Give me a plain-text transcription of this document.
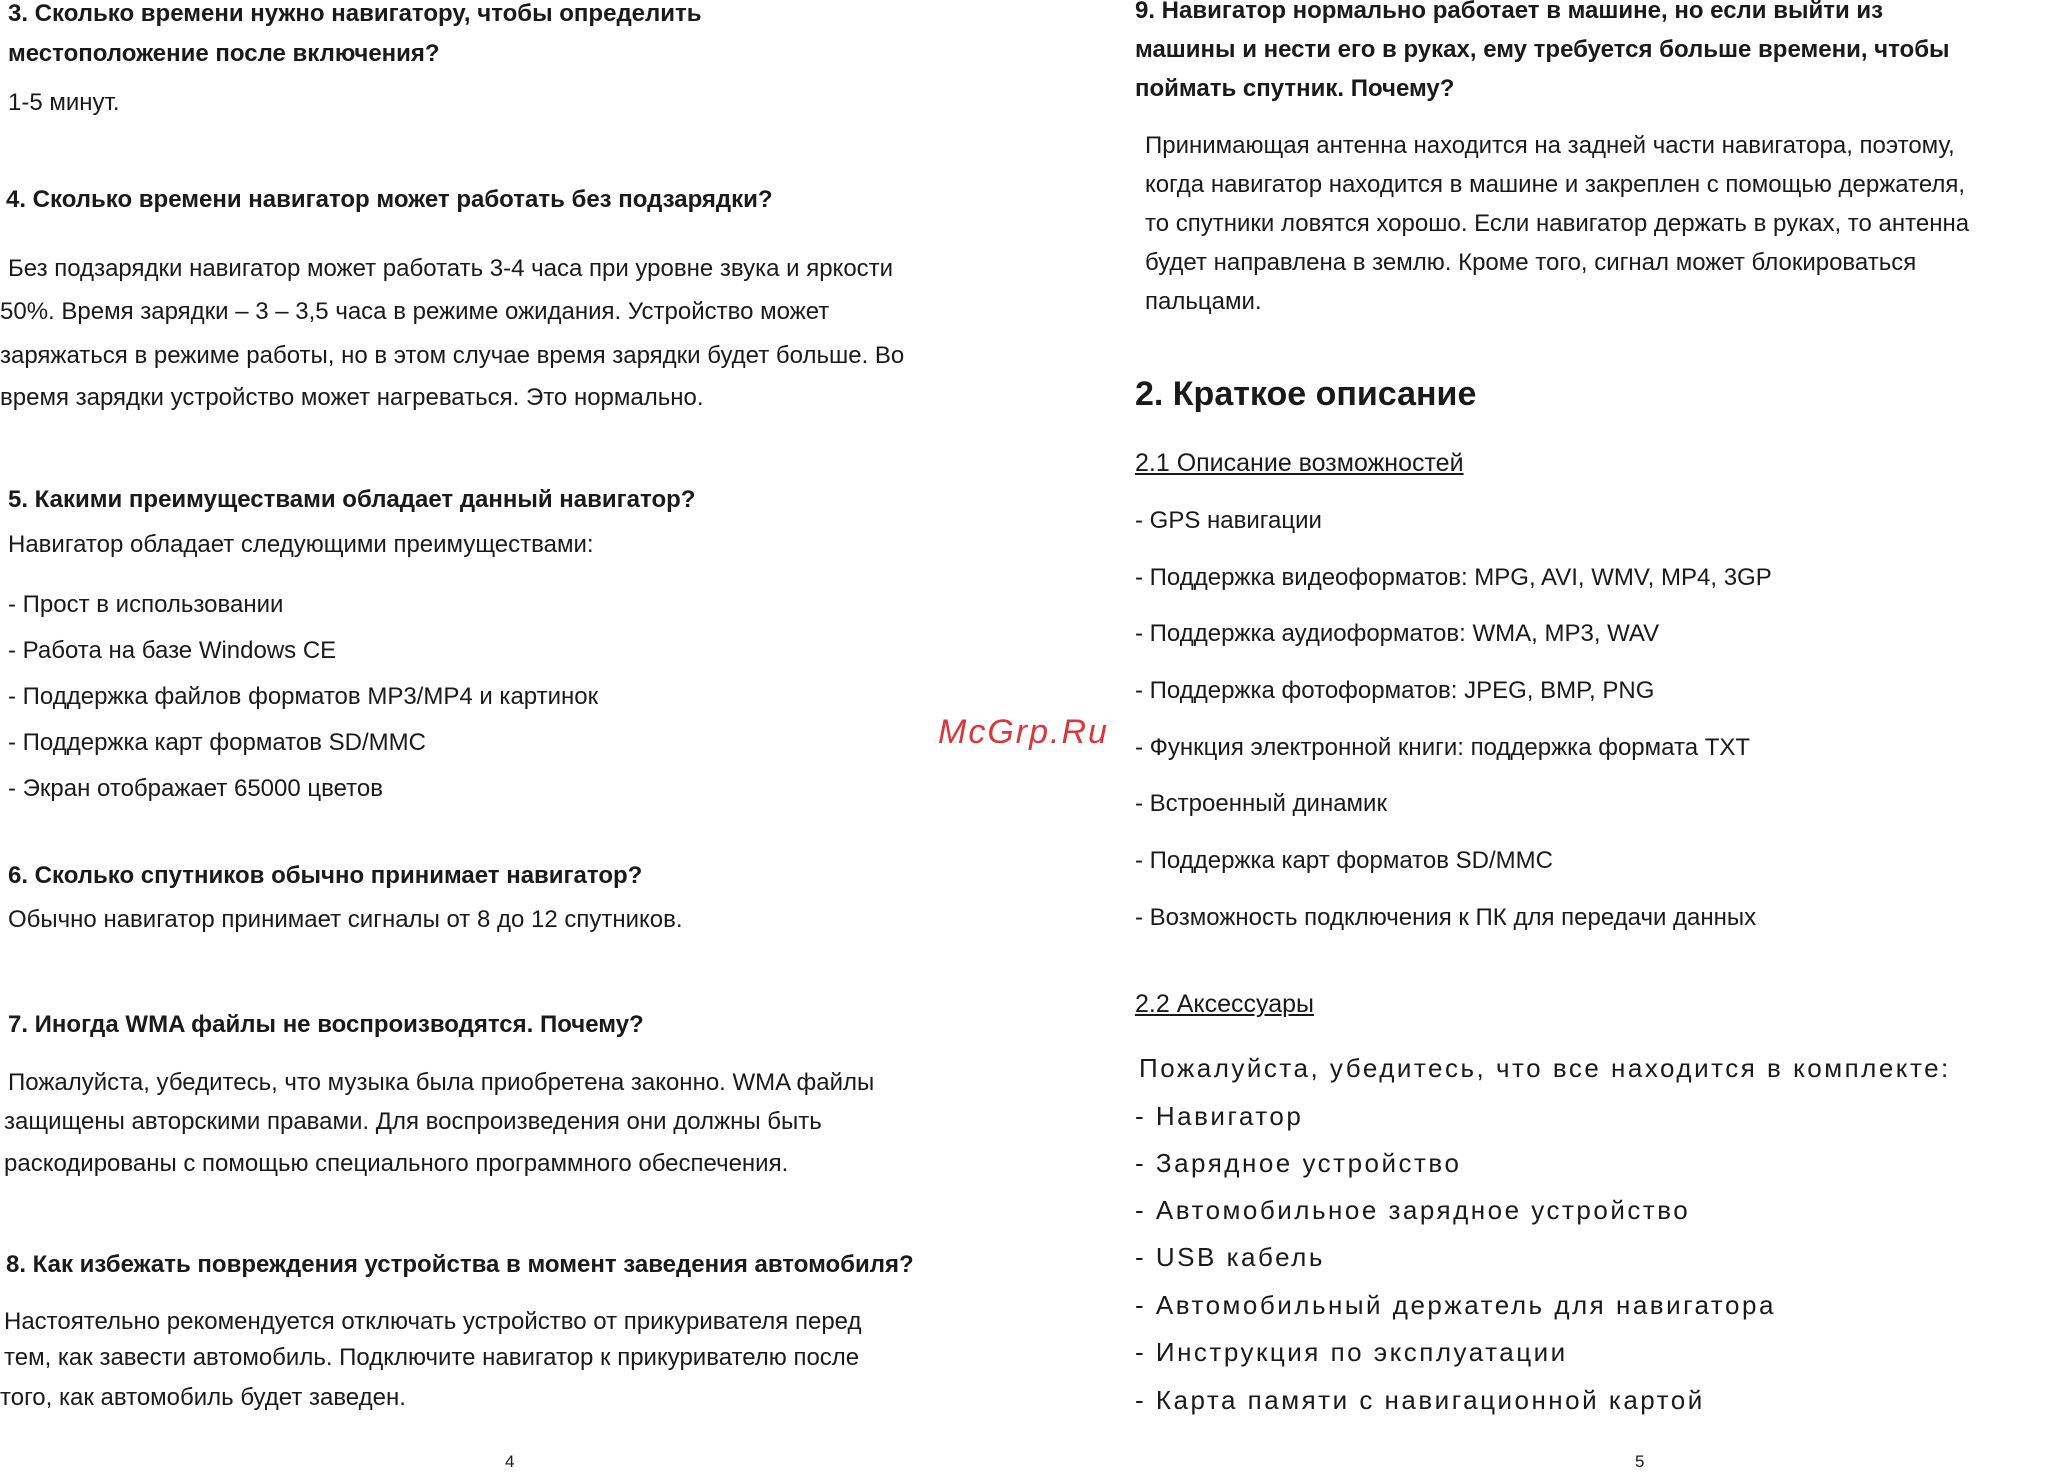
3. Сколько времени нужно навигатору, чтобы определить
местоположение после включения?
1-5 минут.
4. Сколько времени навигатор может работать без подзарядки?
Без подзарядки навигатор может работать 3-4 часа при уровне звука и яркости
50%. Время зарядки – 3 – 3,5 часа в режиме ожидания. Устройство может
заряжаться в режиме работы, но в этом случае время зарядки будет больше. Во
время зарядки устройство может нагреваться. Это нормально.
5. Какими преимуществами обладает данный навигатор?
Навигатор обладает следующими преимуществами:
- Прост в использовании
- Работа на базе Windows CE
- Поддержка файлов форматов MP3/MP4 и картинок
- Поддержка карт форматов SD/MMC
- Экран отображает 65000 цветов
6. Сколько спутников обычно принимает навигатор?
Обычно навигатор принимает сигналы от 8 до 12 спутников.
7. Иногда WMA файлы не воспроизводятся. Почему?
Пожалуйста, убедитесь, что музыка была приобретена законно. WMA файлы
защищены авторскими правами. Для воспроизведения они должны быть
раскодированы с помощью специального программного обеспечения.
8. Как избежать повреждения устройства в момент заведения автомобиля?
Настоятельно рекомендуется отключать устройство от прикуривателя перед
тем, как завести автомобиль. Подключите навигатор к прикуривателю после
того, как автомобиль будет заведен.
4
9. Навигатор нормально работает в машине, но если выйти из
машины и нести его в руках, ему требуется больше времени, чтобы
поймать спутник. Почему?
Принимающая антенна находится на задней части навигатора, поэтому,
когда навигатор находится в машине и закреплен с помощью держателя,
то спутники ловятся хорошо. Если навигатор держать в руках, то антенна
будет направлена в землю. Кроме того, сигнал может блокироваться
пальцами.
2. Краткое описание
2.1 Описание возможностей
- GPS навигации
- Поддержка видеоформатов: MPG, AVI, WMV, MP4, 3GP
- Поддержка аудиоформатов: WMA, MP3, WAV
- Поддержка фотоформатов: JPEG, BMP, PNG
- Функция электронной книги: поддержка формата TXT
- Встроенный динамик
- Поддержка карт форматов SD/MMC
- Возможность подключения к ПК для передачи данных
2.2 Аксессуары
Пожалуйста, убедитесь, что все находится в комплекте:
- Навигатор
- Зарядное устройство
- Автомобильное зарядное устройство
- USB кабель
- Автомобильный держатель для навигатора
- Инструкция по эксплуатации
- Карта памяти с навигационной картой
5
McGrp.Ru
